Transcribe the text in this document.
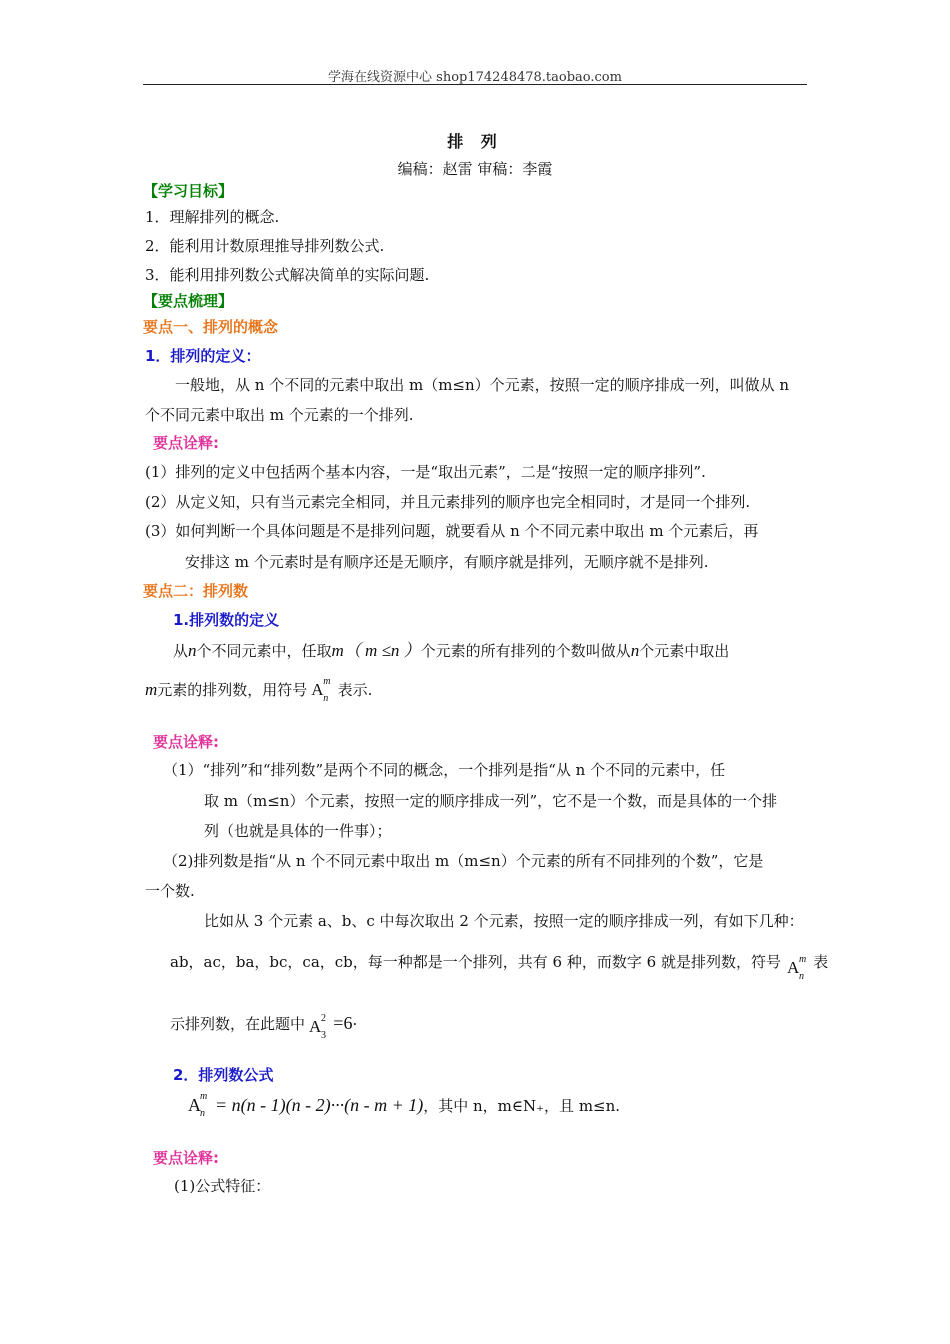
学海在线资源中心 shop174248478.taobao.com
排 列
编稿：赵雷 审稿：李霞
【学习目标】
1．理解排列的概念.
2．能利用计数原理推导排列数公式.
3．能利用排列数公式解决简单的实际问题.
【要点梳理】
要点一、排列的概念
1．排列的定义：
一般地，从 n 个不同的元素中取出 m（m≤n）个元素，按照一定的顺序排成一列，叫做从 n
个不同元素中取出 m 个元素的一个排列.
要点诠释:
(1）排列的定义中包括两个基本内容，一是“取出元素”，二是“按照一定的顺序排列”.
(2）从定义知，只有当元素完全相同，并且元素排列的顺序也完全相同时，才是同一个排列.
(3）如何判断一个具体问题是不是排列问题，就要看从 n 个不同元素中取出 m 个元素后，再
安排这 m 个元素时是有顺序还是无顺序，有顺序就是排列，无顺序就不是排列.
要点二：排列数
1.排列数的定义
从n个不同元素中，任取m（ m ≤n ）个元素的所有排列的个数叫做从n个元素中取出
m元素的排列数，用符号 A m
n 表示.
要点诠释:
（1）“排列”和“排列数”是两个不同的概念，一个排列是指“从 n 个不同的元素中，任
取 m（m≤n）个元素，按照一定的顺序排成一列”，它不是一个数，而是具体的一个排
列（也就是具体的一件事）；
（2)排列数是指“从 n 个不同元素中取出 m（m≤n）个元素的所有不同排列的个数”，它是
一个数.
比如从 3 个元素 a、b、c 中每次取出 2 个元素，按照一定的顺序排成一列，有如下几种：
ab，ac，ba，bc，ca，cb，每一种都是一个排列，共有 6 种，而数字 6 就是排列数，符号 A m
n
表
示排列数，在此题中 A 2
3
=6·
2．排列数公式
A m
n = n(n - 1)(n - 2)···(n - m + 1)，其中 n，m∈N₊，且 m≤n.
要点诠释:
(1)公式特征：
